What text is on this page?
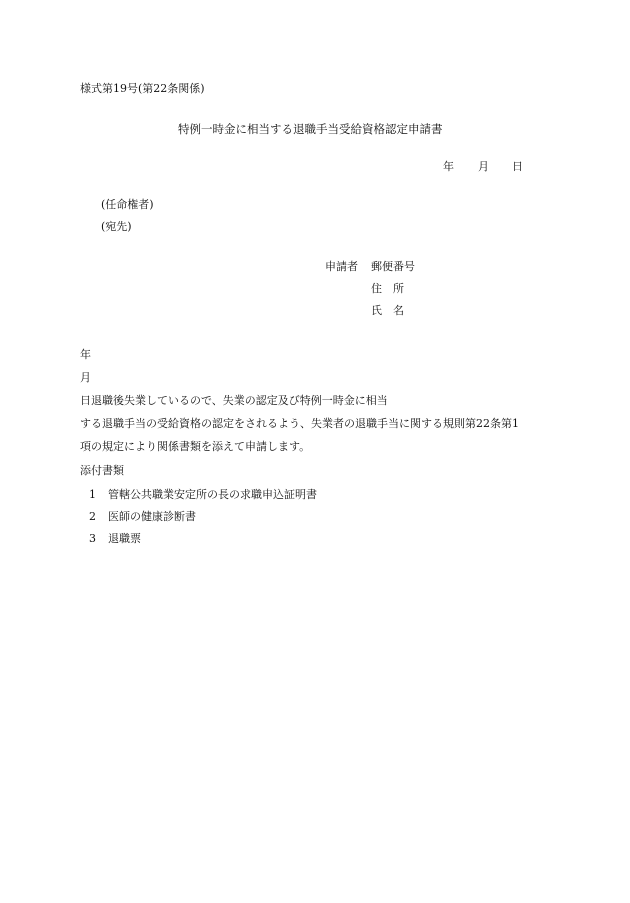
様式第19号(第22条関係)
特例一時金に相当する退職手当受給資格認定申請書
年 月 日
(任命権者)
(宛先)
申請者 郵便番号
住　所
氏　名
年
月
日退職後失業しているので、失業の認定及び特例一時金に相当
する退職手当の受給資格の認定をされるよう、失業者の退職手当に関する規則第22条第1
項の規定により関係書類を添えて申請します。
添付書類
1 管轄公共職業安定所の長の求職申込証明書
2 医師の健康診断書
3 退職票
